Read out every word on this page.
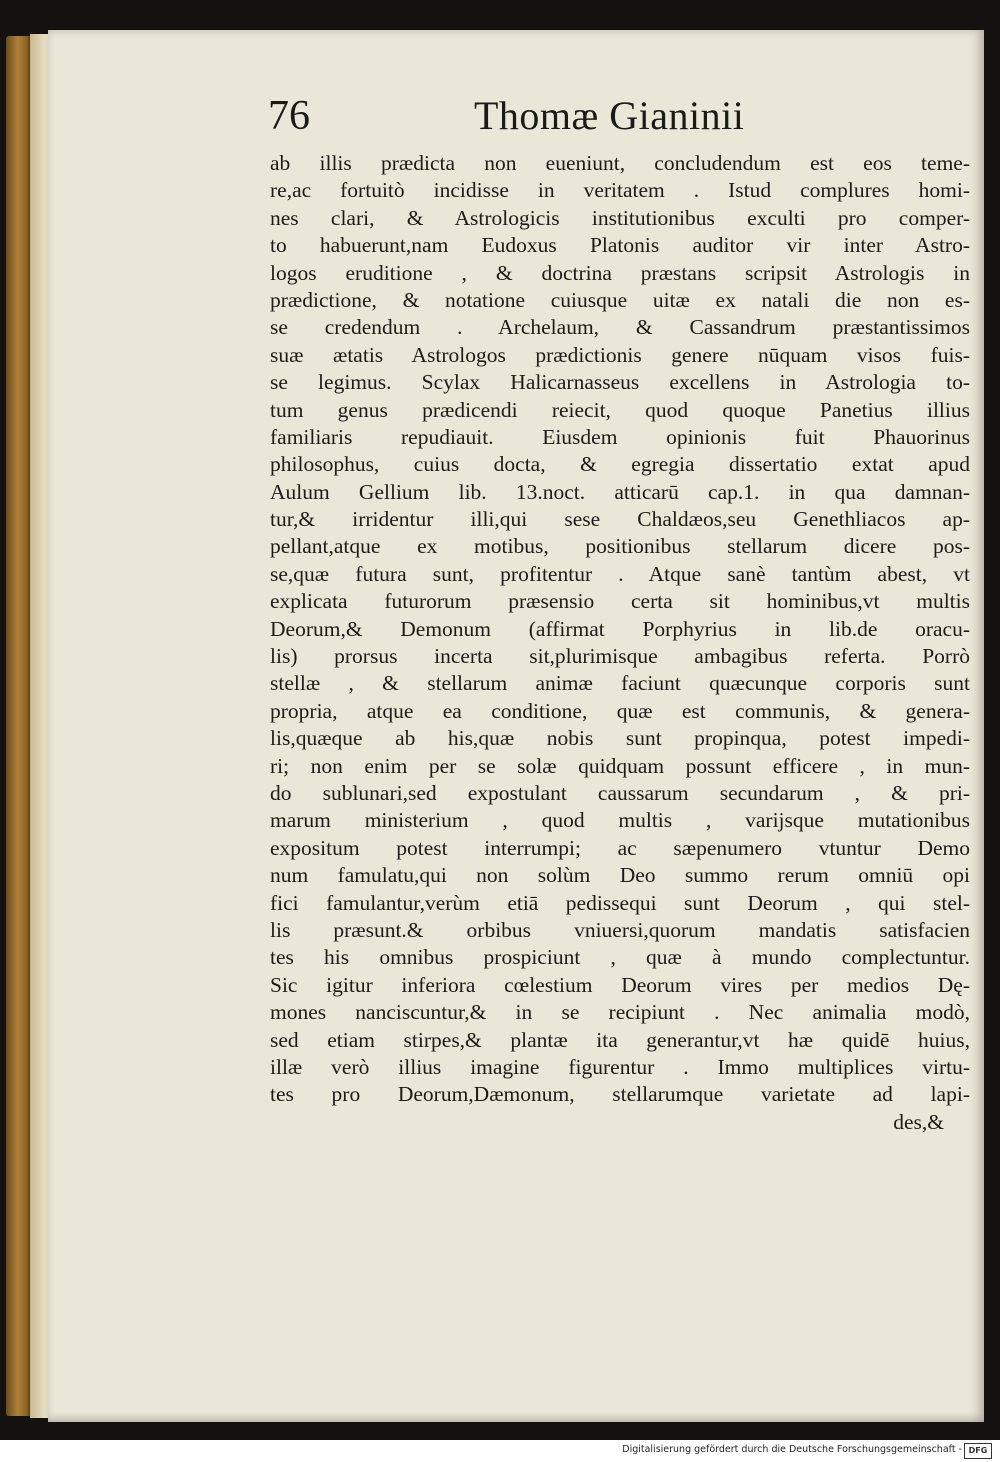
76	Thomæ Gianinii
ab illis prædicta non eueniunt, concludendum est eos teme-
re,ac fortuitò incidisse in veritatem . Istud complures homi-
nes clari, & Astrologicis institutionibus exculti pro comper-
to habuerunt,nam Eudoxus Platonis auditor vir inter Astro-
logos eruditione , & doctrina præstans scripsit Astrologis in
prædictione, & notatione cuiusque uitæ ex natali die non es-
se credendum . Archelaum, & Cassandrum præstantissimos
suæ ætatis Astrologos prædictionis genere nūquam visos fuis-
se legimus. Scylax Halicarnasseus excellens in Astrologia to-
tum genus prædicendi reiecit, quod quoque Panetius illius
familiaris repudiauit. Eiusdem opinionis fuit Phauorinus
philosophus, cuius docta, & egregia dissertatio extat apud
Aulum Gellium lib. 13.noct. atticarū cap.1. in qua damnan-
tur,& irridentur illi,qui sese Chaldæos,seu Genethliacos ap-
pellant,atque ex motibus, positionibus stellarum dicere pos-
se,quæ futura sunt, profitentur . Atque sanè tantùm abest, vt
explicata futurorum præsensio certa sit hominibus,vt multis
Deorum,& Demonum (affirmat Porphyrius in lib.de oracu-
lis) prorsus incerta sit,plurimisque ambagibus referta. Porrò
stellæ , & stellarum animæ faciunt quæcunque corporis sunt
propria, atque ea conditione, quæ est communis, & genera-
lis,quæque ab his,quæ nobis sunt propinqua, potest impedi-
ri; non enim per se solæ quidquam possunt efficere , in mun-
do sublunari,sed expostulant caussarum secundarum , & pri-
marum ministerium , quod multis , varijsque mutationibus
expositum potest interrumpi; ac sæpenumero vtuntur Demo
num famulatu,qui non solùm Deo summo rerum omniū opi
fici famulantur,verùm etiā pedissequi sunt Deorum , qui stel-
lis præsunt.& orbibus vniuersi,quorum mandatis satisfacien
tes his omnibus prospiciunt , quæ à mundo complectuntur.
Sic igitur inferiora cœlestium Deorum vires per medios Dę-
mones nanciscuntur,& in se recipiunt . Nec animalia modò,
sed etiam stirpes,& plantæ ita generantur,vt hæ quidē huius,
illæ verò illius imagine figurentur . Immo multiplices virtu-
tes pro Deorum,Dæmonum, stellarumque varietate ad lapi-
des,&
Digitalisierung gefördert durch die Deutsche Forschungsgemeinschaft - DFG
